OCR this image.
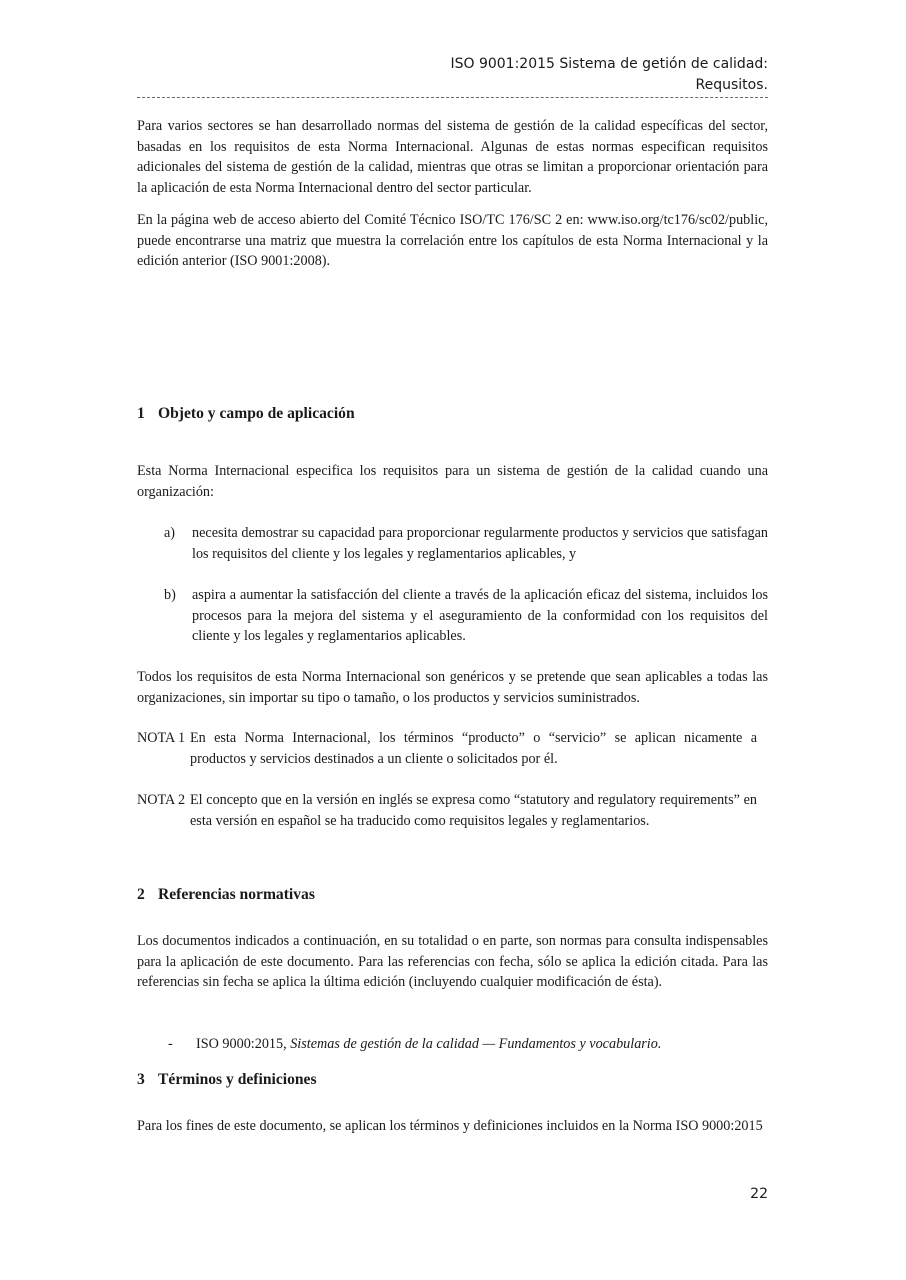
ISO 9001:2015 Sistema de getión de calidad:
Requsitos.

Para varios sectores se han desarrollado normas del sistema de gestión de la calidad específicas del sector, basadas en los requisitos de esta Norma Internacional. Algunas de estas normas especifican requisitos adicionales del sistema de gestión de la calidad, mientras que otras se limitan a proporcionar orientación para la aplicación de esta Norma Internacional dentro del sector particular.

En la página web de acceso abierto del Comité Técnico ISO/TC 176/SC 2 en: www.iso.org/tc176/sc02/public, puede encontrarse una matriz que muestra la correlación entre los capítulos de esta Norma Internacional y la edición anterior (ISO 9001:2008).

1 Objeto y campo de aplicación

Esta Norma Internacional especifica los requisitos para un sistema de gestión de la calidad cuando una organización:

a) necesita demostrar su capacidad para proporcionar regularmente productos y servicios que satisfagan los requisitos del cliente y los legales y reglamentarios aplicables, y
b) aspira a aumentar la satisfacción del cliente a través de la aplicación eficaz del sistema, incluidos los procesos para la mejora del sistema y el aseguramiento de la conformidad con los requisitos del cliente y los legales y reglamentarios aplicables.

Todos los requisitos de esta Norma Internacional son genéricos y se pretende que sean aplicables a todas las organizaciones, sin importar su tipo o tamaño, o los productos y servicios suministrados.

NOTA 1 En esta Norma Internacional, los términos “producto” o “servicio” se aplican nicamente a productos y servicios destinados a un cliente o solicitados por él.
NOTA 2 El concepto que en la versión en inglés se expresa como “statutory and regulatory requirements” en esta versión en español se ha traducido como requisitos legales y reglamentarios.
2 Referencias normativas

Los documentos indicados a continuación, en su totalidad o en parte, son normas para consulta indispensables para la aplicación de este documento. Para las referencias con fecha, sólo se aplica la edición citada. Para las referencias sin fecha se aplica la última edición (incluyendo cualquier modificación de ésta).

- ISO 9000:2015, Sistemas de gestión de la calidad — Fundamentos y vocabulario.
3 Términos y definiciones

Para los fines de este documento, se aplican los términos y definiciones incluidos en la Norma ISO 9000:2015

22
